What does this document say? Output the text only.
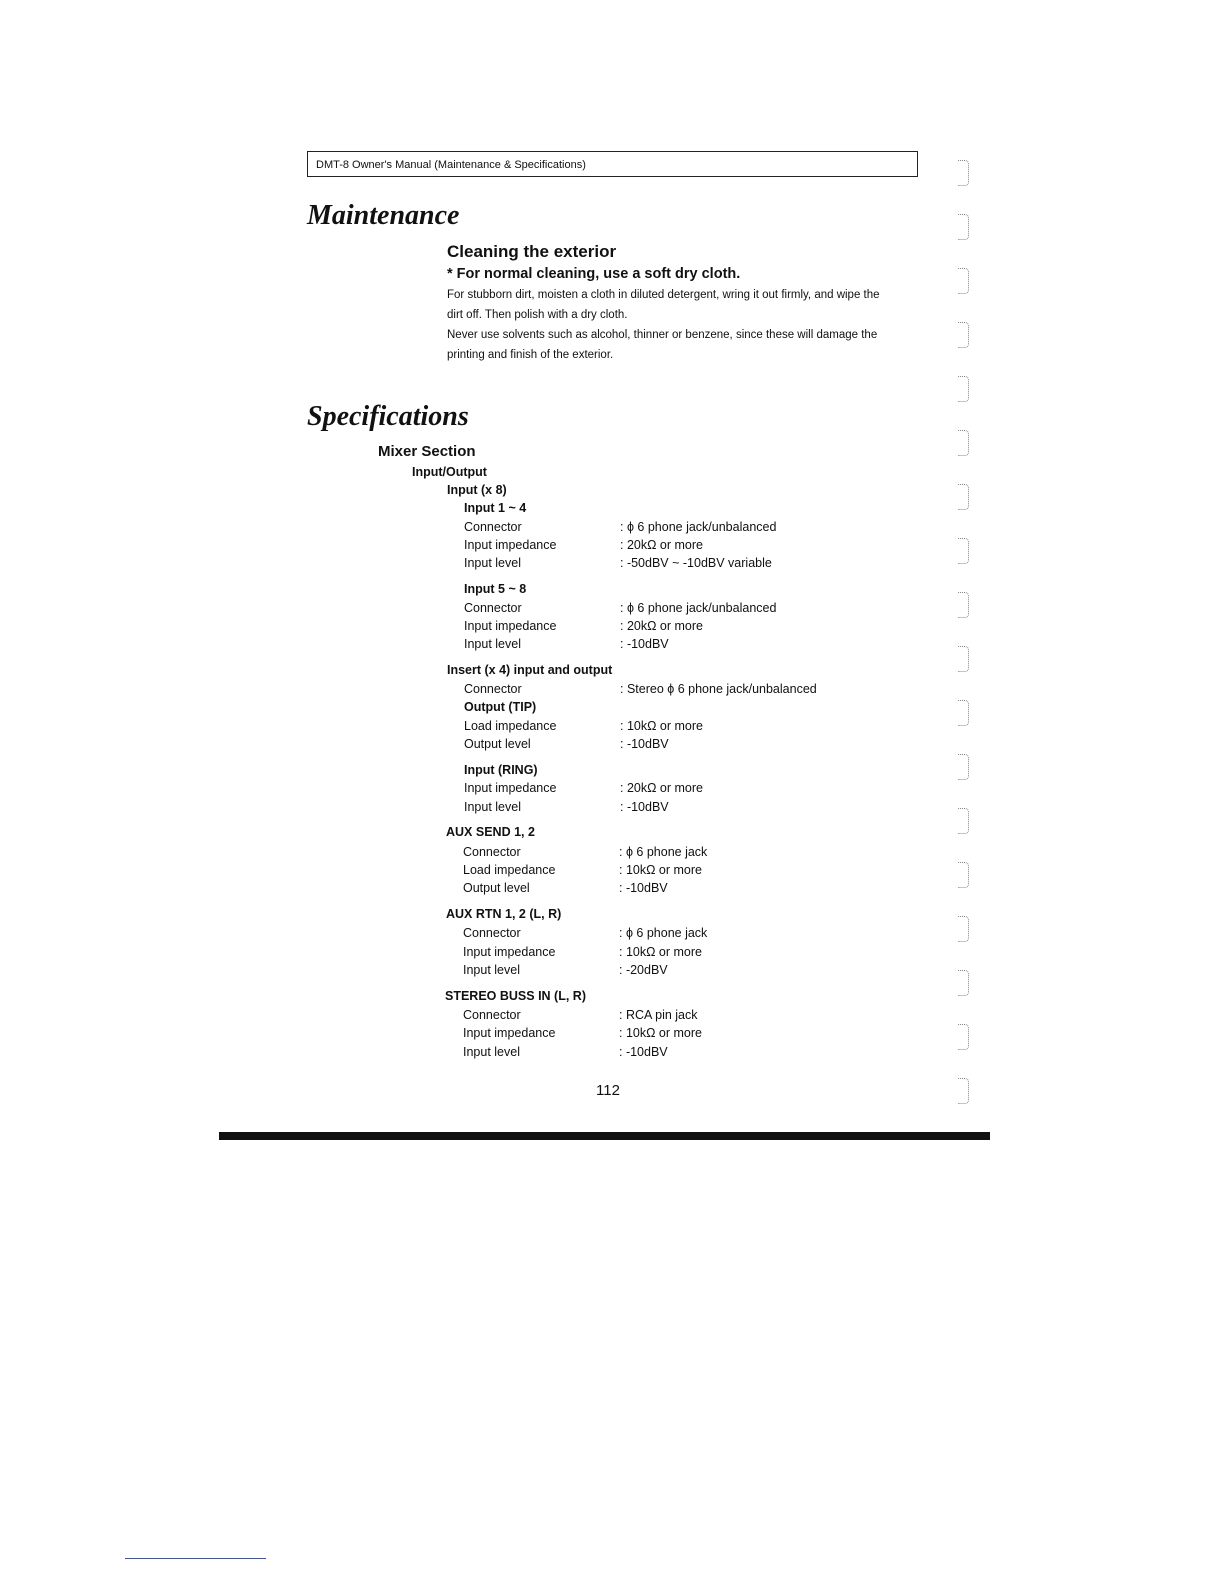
DMT-8 Owner's Manual (Maintenance & Specifications)
Maintenance
Cleaning the exterior
* For normal cleaning, use a soft dry cloth.
For stubborn dirt, moisten a cloth in diluted detergent, wring it out firmly, and wipe the
dirt off. Then polish with a dry cloth.
Never use solvents such as alcohol, thinner or benzene, since these will damage the
printing and finish of the exterior.
Specifications
Mixer Section
Input/Output
Input (x 8)
Input 1 ~ 4
Connector	: ϕ 6 phone jack/unbalanced
Input impedance	: 20kΩ or more
Input level	: -50dBV ~ -10dBV variable
Input 5 ~ 8
Connector	: ϕ 6 phone jack/unbalanced
Input impedance	: 20kΩ or more
Input level	: -10dBV
Insert (x 4) input and output
Connector	: Stereo ϕ 6 phone jack/unbalanced
Output (TIP)
Load impedance	: 10kΩ or more
Output level	: -10dBV
Input (RING)
Input impedance	: 20kΩ or more
Input level	: -10dBV
AUX SEND 1, 2
Connector	: ϕ 6 phone jack
Load impedance	: 10kΩ or more
Output level	: -10dBV
AUX RTN 1, 2 (L, R)
Connector	: ϕ 6 phone jack
Input impedance	: 10kΩ or more
Input level	: -20dBV
STEREO BUSS IN (L, R)
Connector	: RCA pin jack
Input impedance	: 10kΩ or more
Input level	: -10dBV
112
